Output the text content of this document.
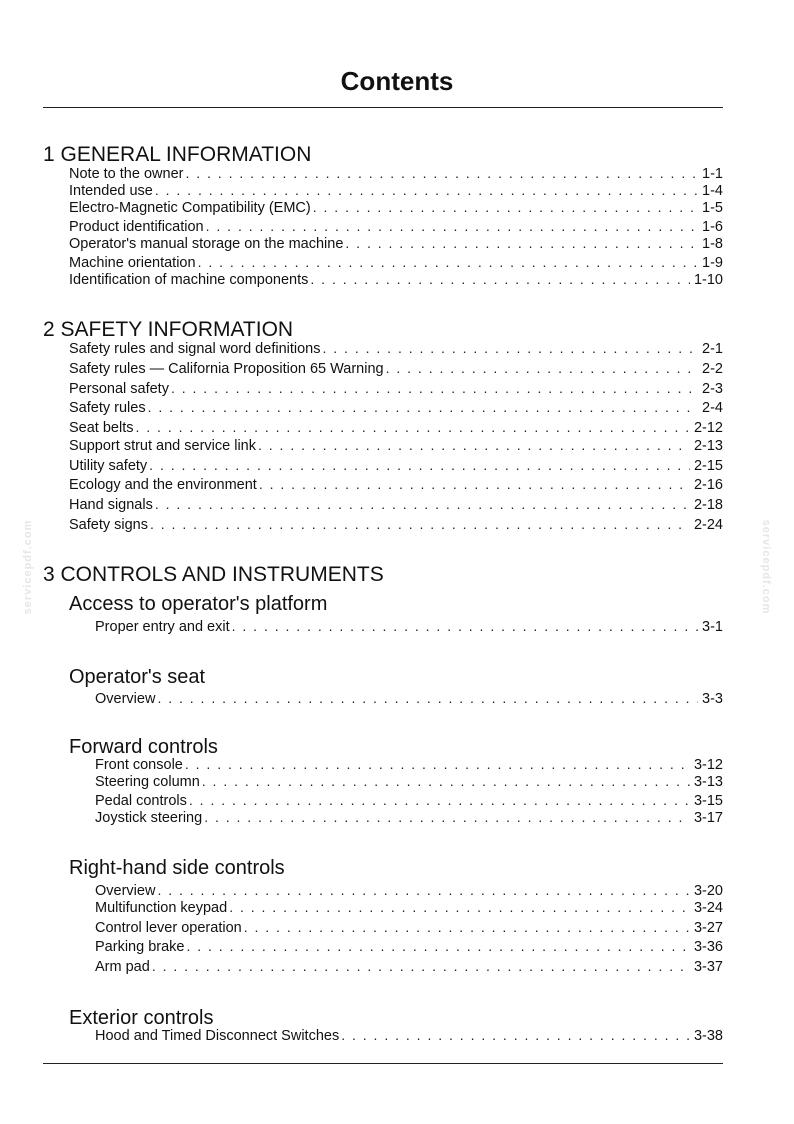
Contents
servicepdf.com	servicepdf.com
1 GENERAL INFORMATION
Note to the owner . . .	1-1
Intended use . . .	1-4
Electro-Magnetic Compatibility (EMC) . . .	1-5
Product identification . . .	1-6
Operator's manual storage on the machine . . .	1-8
Machine orientation . . .	1-9
Identification of machine components . . .	1-10
2 SAFETY INFORMATION
Safety rules and signal word definitions . . .	2-1
Safety rules — California Proposition 65 Warning . . .	2-2
Personal safety . . .	2-3
Safety rules . . .	2-4
Seat belts . . .	2-12
Support strut and service link . . .	2-13
Utility safety . . .	2-15
Ecology and the environment . . .	2-16
Hand signals . . .	2-18
Safety signs . . .	2-24
3 CONTROLS AND INSTRUMENTS
Access to operator's platform
Proper entry and exit . . .	3-1
Operator's seat
Overview . . .	3-3
Forward controls
Front console . . .	3-12
Steering column . . .	3-13
Pedal controls . . .	3-15
Joystick steering . . .	3-17
Right-hand side controls
Overview . . .	3-20
Multifunction keypad . . .	3-24
Control lever operation . . .	3-27
Parking brake . . .	3-36
Arm pad . . .	3-37
Exterior controls
Hood and Timed Disconnect Switches . . .	3-38
